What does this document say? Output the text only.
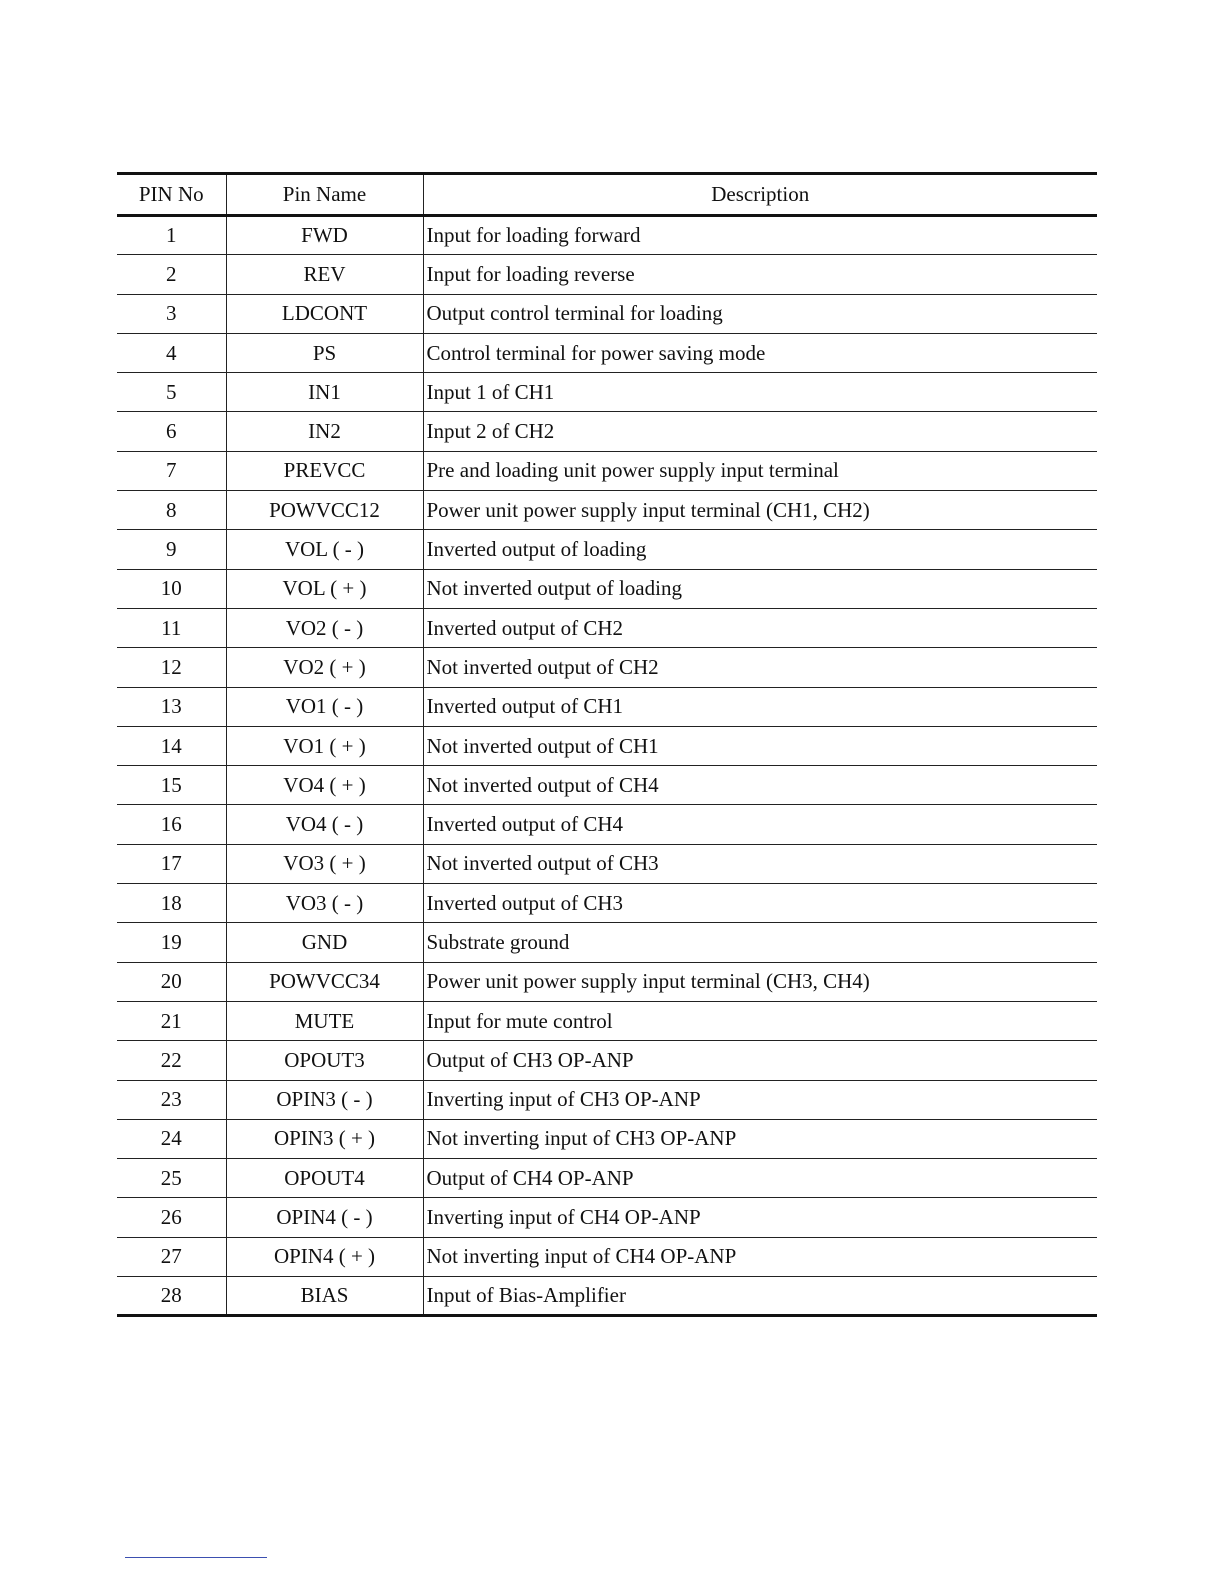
PIN No	Pin Name	Description
1	FWD	Input for loading forward
2	REV	Input for loading reverse
3	LDCONT	Output control terminal for loading
4	PS	Control terminal for power saving mode
5	IN1	Input 1 of CH1
6	IN2	Input 2 of CH2
7	PREVCC	Pre and loading unit power supply input terminal
8	POWVCC12	Power unit power supply input terminal (CH1, CH2)
9	VOL ( - )	Inverted output of loading
10	VOL ( + )	Not inverted output of loading
11	VO2 ( - )	Inverted output of CH2
12	VO2 ( + )	Not inverted output of CH2
13	VO1 ( - )	Inverted output of CH1
14	VO1 ( + )	Not inverted output of CH1
15	VO4 ( + )	Not inverted output of CH4
16	VO4 ( - )	Inverted output of CH4
17	VO3 ( + )	Not inverted output of CH3
18	VO3 ( - )	Inverted output of CH3
19	GND	Substrate ground
20	POWVCC34	Power unit power supply input terminal (CH3, CH4)
21	MUTE	Input for mute control
22	OPOUT3	Output of CH3 OP-ANP
23	OPIN3 ( - )	Inverting input of CH3 OP-ANP
24	OPIN3 ( + )	Not inverting input of CH3 OP-ANP
25	OPOUT4	Output of CH4 OP-ANP
26	OPIN4 ( - )	Inverting input of CH4 OP-ANP
27	OPIN4 ( + )	Not inverting input of CH4 OP-ANP
28	BIAS	Input of Bias-Amplifier
